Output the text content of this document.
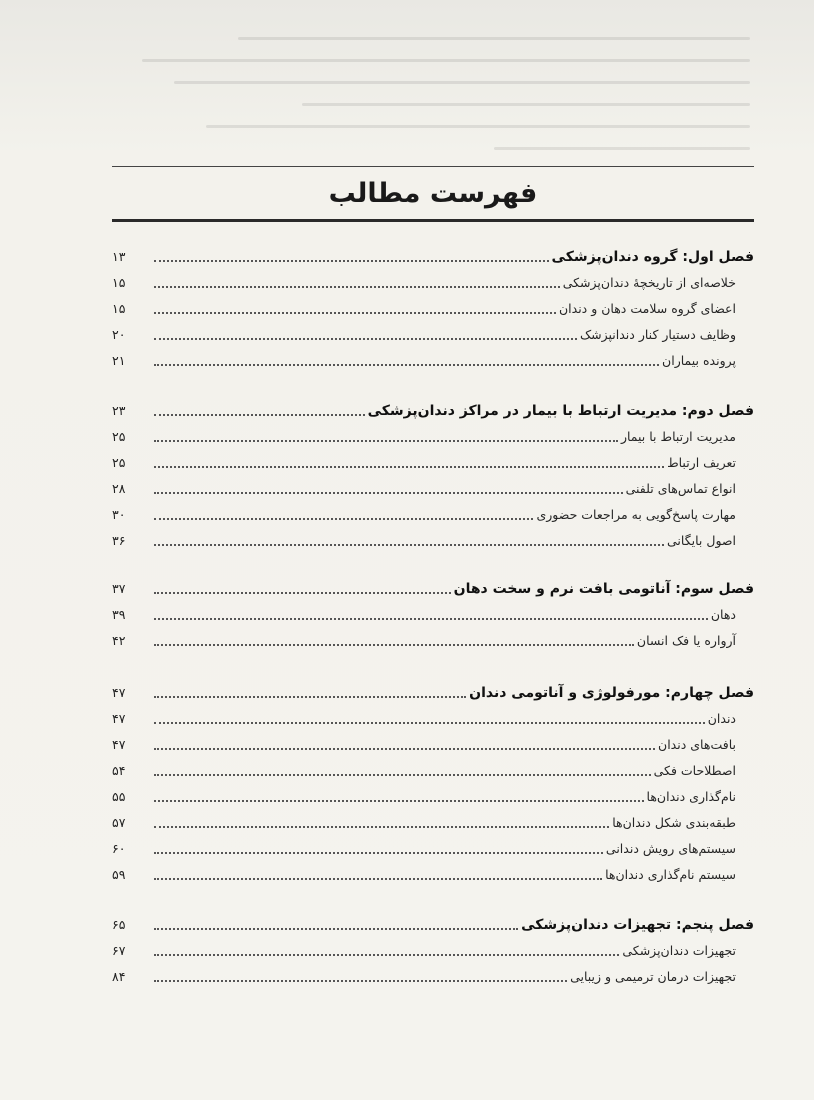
فهرست مطالب
فصل اول: گروه دندان‌پزشکی
۱۳
خلاصه‌ای از تاریخچهٔ دندان‌پزشکی
۱۵
اعضای گروه سلامت دهان و دندان
۱۵
وظایف دستیار کنار دندانپزشک
۲۰
پرونده بیماران
۲۱
فصل دوم: مدیریت ارتباط با بیمار در مراکز دندان‌پزشکی
۲۳
مدیریت ارتباط با بیمار
۲۵
تعریف ارتباط
۲۵
انواع تماس‌های تلفنی
۲۸
مهارت پاسخ‌گویی به مراجعات حضوری
۳۰
اصول بایگانی
۳۶
فصل سوم: آناتومی بافت نرم و سخت دهان
۳۷
دهان
۳۹
آرواره یا فک انسان
۴۲
فصل چهارم: مورفولوژی و آناتومی دندان
۴۷
دندان
۴۷
بافت‌های دندان
۴۷
اصطلاحات فکی
۵۴
نام‌گذاری دندان‌ها
۵۵
طبقه‌بندی شکل دندان‌ها
۵۷
سیستم‌های رویش دندانی
۶۰
سیستم نام‌گذاری دندان‌ها
۵۹
فصل پنجم: تجهیزات دندان‌پزشکی
۶۵
تجهیزات دندان‌پزشکی
۶۷
تجهیزات درمان ترمیمی و زیبایی
۸۴
